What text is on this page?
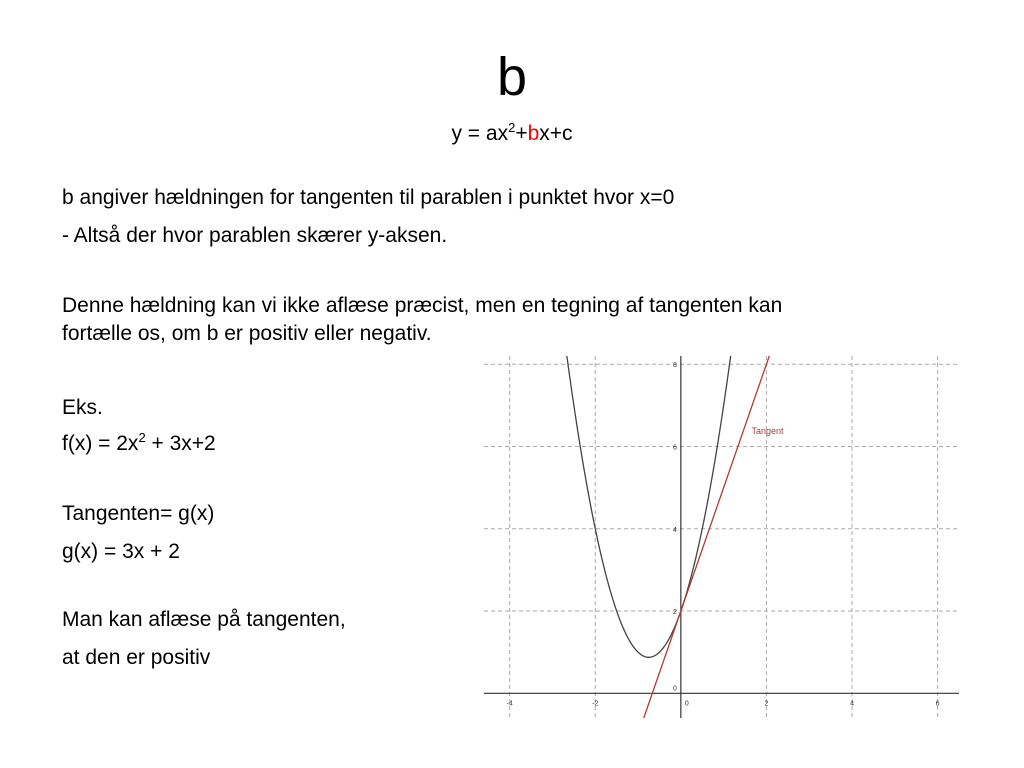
b
$y = ax^2+bx+c$

b angiver hældningen for tangenten til parablen i punktet hvor x=0

- Altså der hvor parablen skærer y-aksen.

Denne hældning kan vi ikke aflæse præcist, men en tegning af tangenten kan

fortælle os, om b er positiv eller negativ.

Eks.

$f(x) = 2x^2 + 3x+2$

Tangenten= g(x)

g(x) = 3x + 2

Man kan aflæse på tangenten,

at den er positiv

-4	-2	0	2	4	6
0
2
4
6
8
Tangent
